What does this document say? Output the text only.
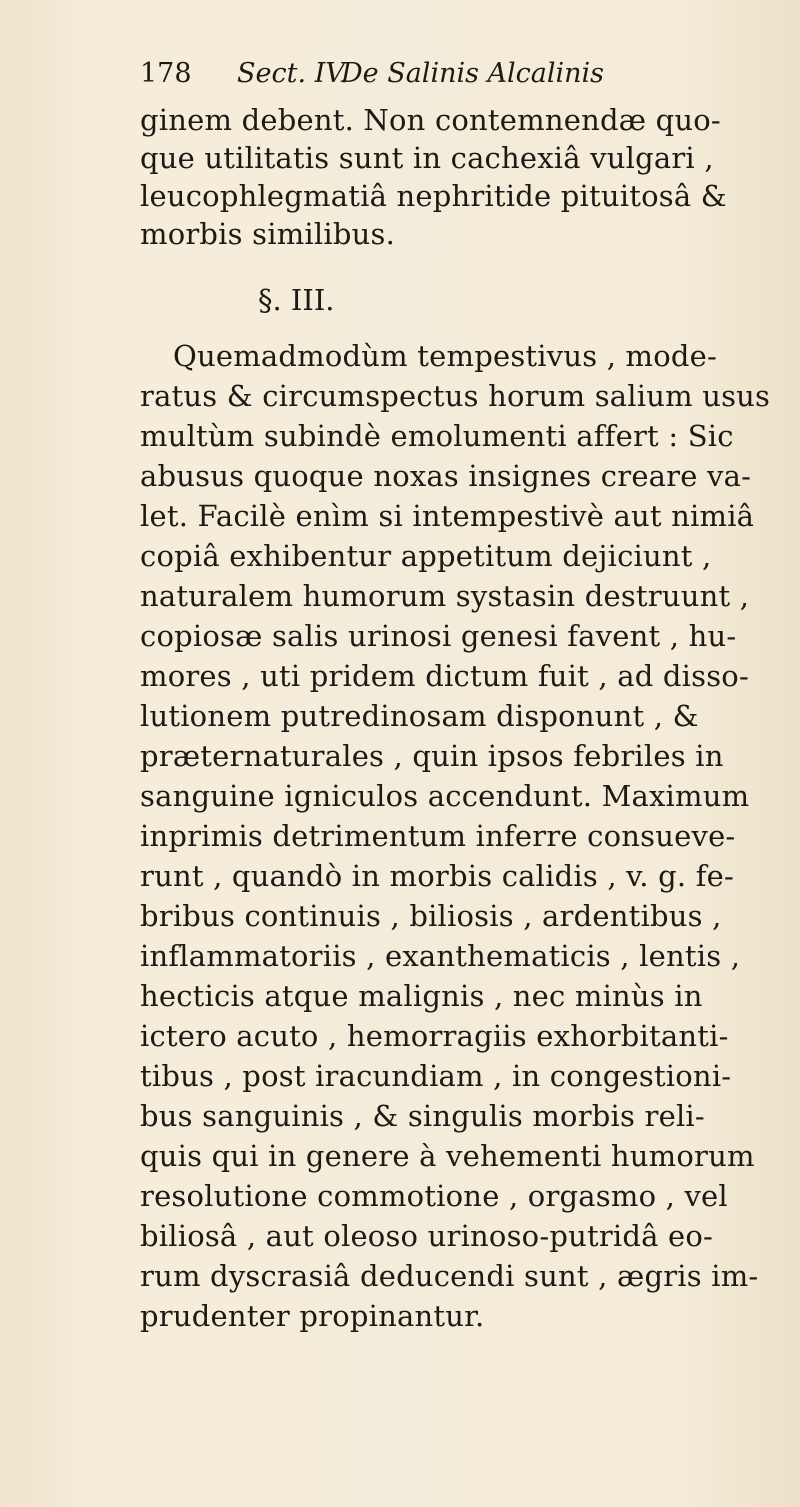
178 Sect. IV.
De Salinis Alcalinis
ginem debent. Non contemnendæ quo-
que utilitatis sunt in cachexiâ vulgari ,
leucophlegmatiâ nephritide pituitosâ &
morbis similibus.
§. III.
Quemadmodùm tempestivus , mode-
ratus & circumspectus horum salium usus
multùm subindè emolumenti affert : Sic
abusus quoque noxas insignes creare va-
let. Facilè enìm si intempestivè aut nimiâ
copiâ exhibentur appetitum dejiciunt ,
naturalem humorum systasin destruunt ,
copiosæ salis urinosi genesi favent , hu-
mores , uti pridem dictum fuit , ad disso-
lutionem putredinosam disponunt , &
præternaturales , quin ipsos febriles in
sanguine igniculos accendunt. Maximum
inprimis detrimentum inferre consueve-
runt , quandò in morbis calidis , v. g. fe-
bribus continuis , biliosis , ardentibus ,
inflammatoriis , exanthematicis , lentis ,
hecticis atque malignis , nec minùs in
ictero acuto , hemorragiis exhorbitanti-
tibus , post iracundiam , in congestioni-
bus sanguinis , & singulis morbis reli-
quis qui in genere à vehementi humorum
resolutione commotione , orgasmo , vel
biliosâ , aut oleoso urinoso-putridâ eo-
rum dyscrasiâ deducendi sunt , ægris im-
prudenter propinantur.
